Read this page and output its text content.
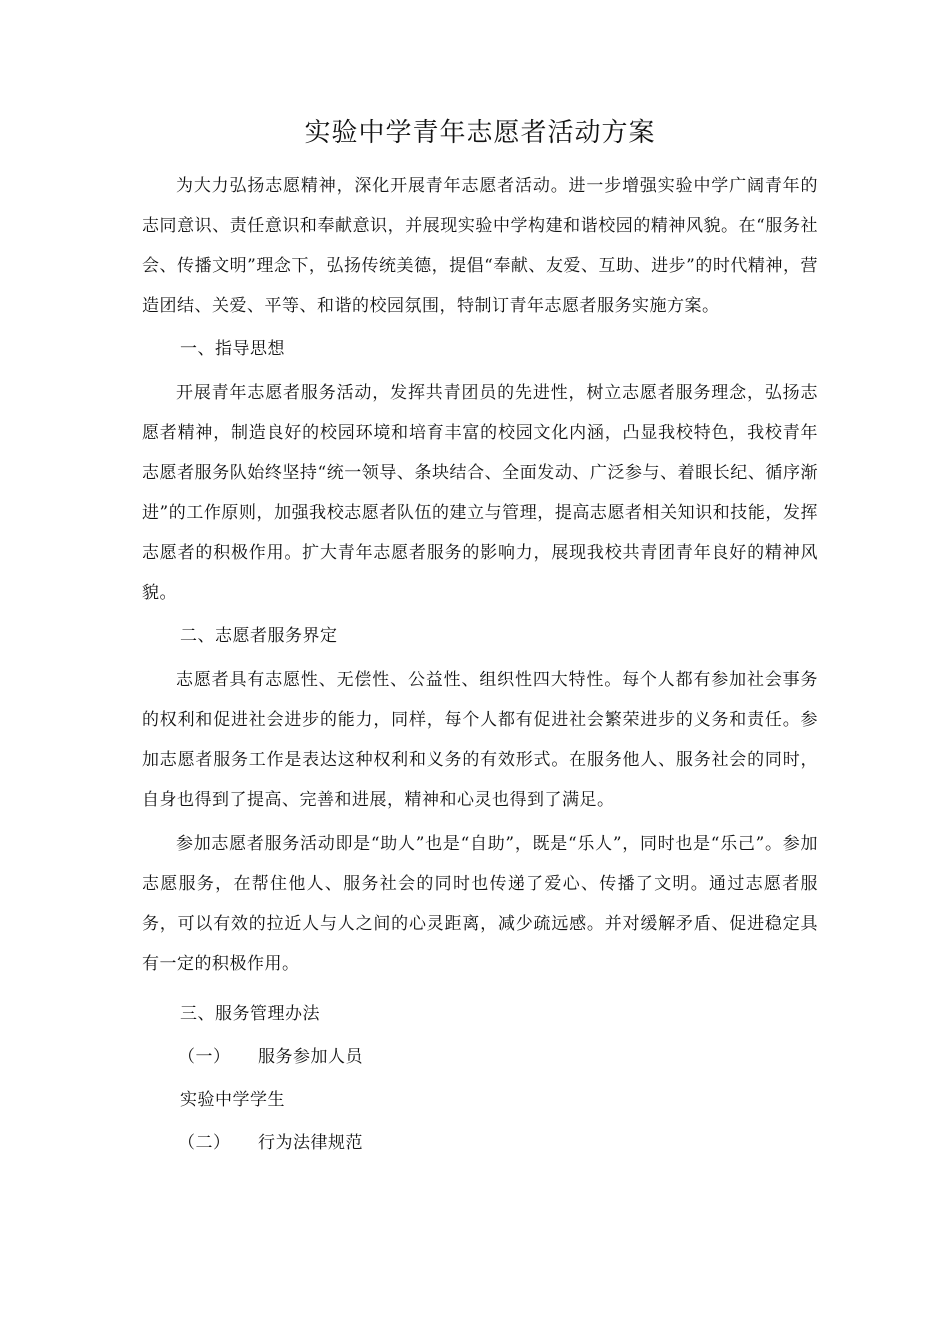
实验中学青年志愿者活动方案

为大力弘扬志愿精神，深化开展青年志愿者活动。进一步增强实验中学广阔青年的志同意识、责任意识和奉献意识，并展现实验中学构建和谐校园的精神风貌。在“服务社会、传播文明”理念下，弘扬传统美德，提倡“奉献、友爱、互助、进步”的时代精神，营造团结、关爱、平等、和谐的校园氛围，特制订青年志愿者服务实施方案。

一、指导思想

开展青年志愿者服务活动，发挥共青团员的先进性，树立志愿者服务理念，弘扬志愿者精神，制造良好的校园环境和培育丰富的校园文化内涵，凸显我校特色，我校青年志愿者服务队始终坚持“统一领导、条块结合、全面发动、广泛参与、着眼长纪、循序渐进”的工作原则，加强我校志愿者队伍的建立与管理，提高志愿者相关知识和技能，发挥志愿者的积极作用。扩大青年志愿者服务的影响力，展现我校共青团青年良好的精神风貌。

二、志愿者服务界定

志愿者具有志愿性、无偿性、公益性、组织性四大特性。每个人都有参加社会事务的权利和促进社会进步的能力，同样，每个人都有促进社会繁荣进步的义务和责任。参加志愿者服务工作是表达这种权利和义务的有效形式。在服务他人、服务社会的同时，自身也得到了提高、完善和进展，精神和心灵也得到了满足。

参加志愿者服务活动即是“助人”也是“自助”，既是“乐人”，同时也是“乐己”。参加志愿服务，在帮住他人、服务社会的同时也传递了爱心、传播了文明。通过志愿者服务，可以有效的拉近人与人之间的心灵距离，减少疏远感。并对缓解矛盾、促进稳定具有一定的积极作用。

三、服务管理办法

（一）	服务参加人员

实验中学学生

（二）	行为法律规范
